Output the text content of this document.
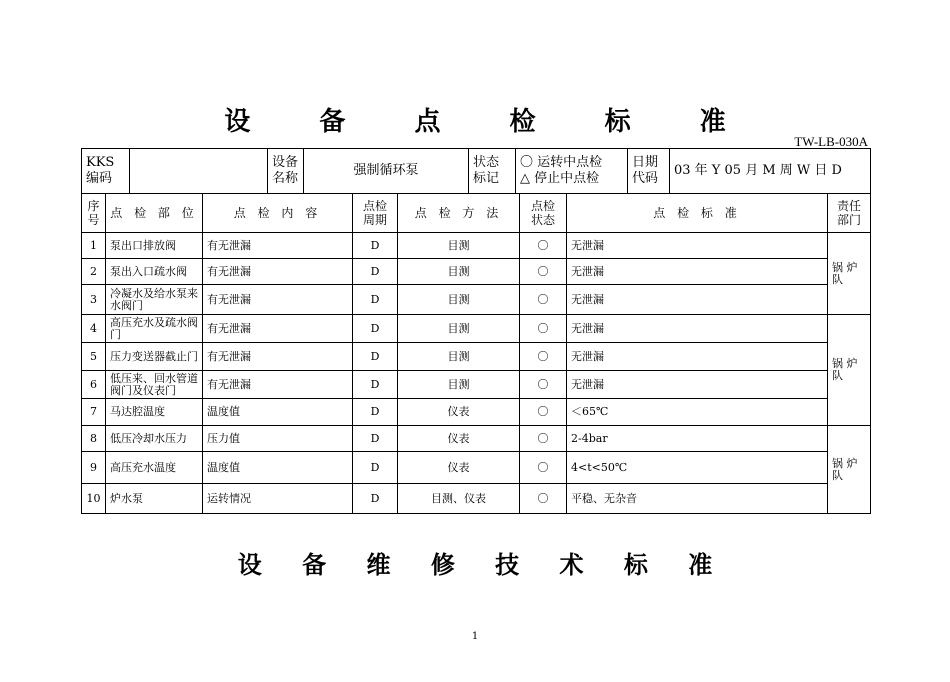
设 备 点 检 标 准
TW-LB-030A
KKS 编码		设备 名称	强制循环泵	状态 标记	
〇 运转中点检
△ 停止中点检
	日期 代码	03 年 Y 05 月 M 周 W 日 D
序号	点 检 部 位	点 检 内 容	点检 周期	点 检 方 法	点检 状态	点 检 标 准	责任 部门
1	泵出口排放阀	有无泄漏	D	目测	〇	无泄漏	锅 炉 队
2	泵出入口疏水阀	有无泄漏	D	目测	〇	无泄漏	
3	冷凝水及给水泵来水阀门	有无泄漏	D	目测	〇	无泄漏	
4	高压充水及疏水阀门	有无泄漏	D	目测	〇	无泄漏	锅 炉 队
5	压力变送器截止门	有无泄漏	D	目测	〇	无泄漏	
6	低压来、回水管道阀门及仪表门	有无泄漏	D	目测	〇	无泄漏	
7	马达腔温度	温度值	D	仪表	〇	＜65℃	
8	低压冷却水压力	压力值	D	仪表	〇	2-4bar	锅 炉 队
9	高压充水温度	温度值	D	仪表	〇	4<t<50℃	
10	炉水泵	运转情况	D	目测、仪表	〇	平稳、无杂音	
设 备 维 修 技 术 标 准
1
